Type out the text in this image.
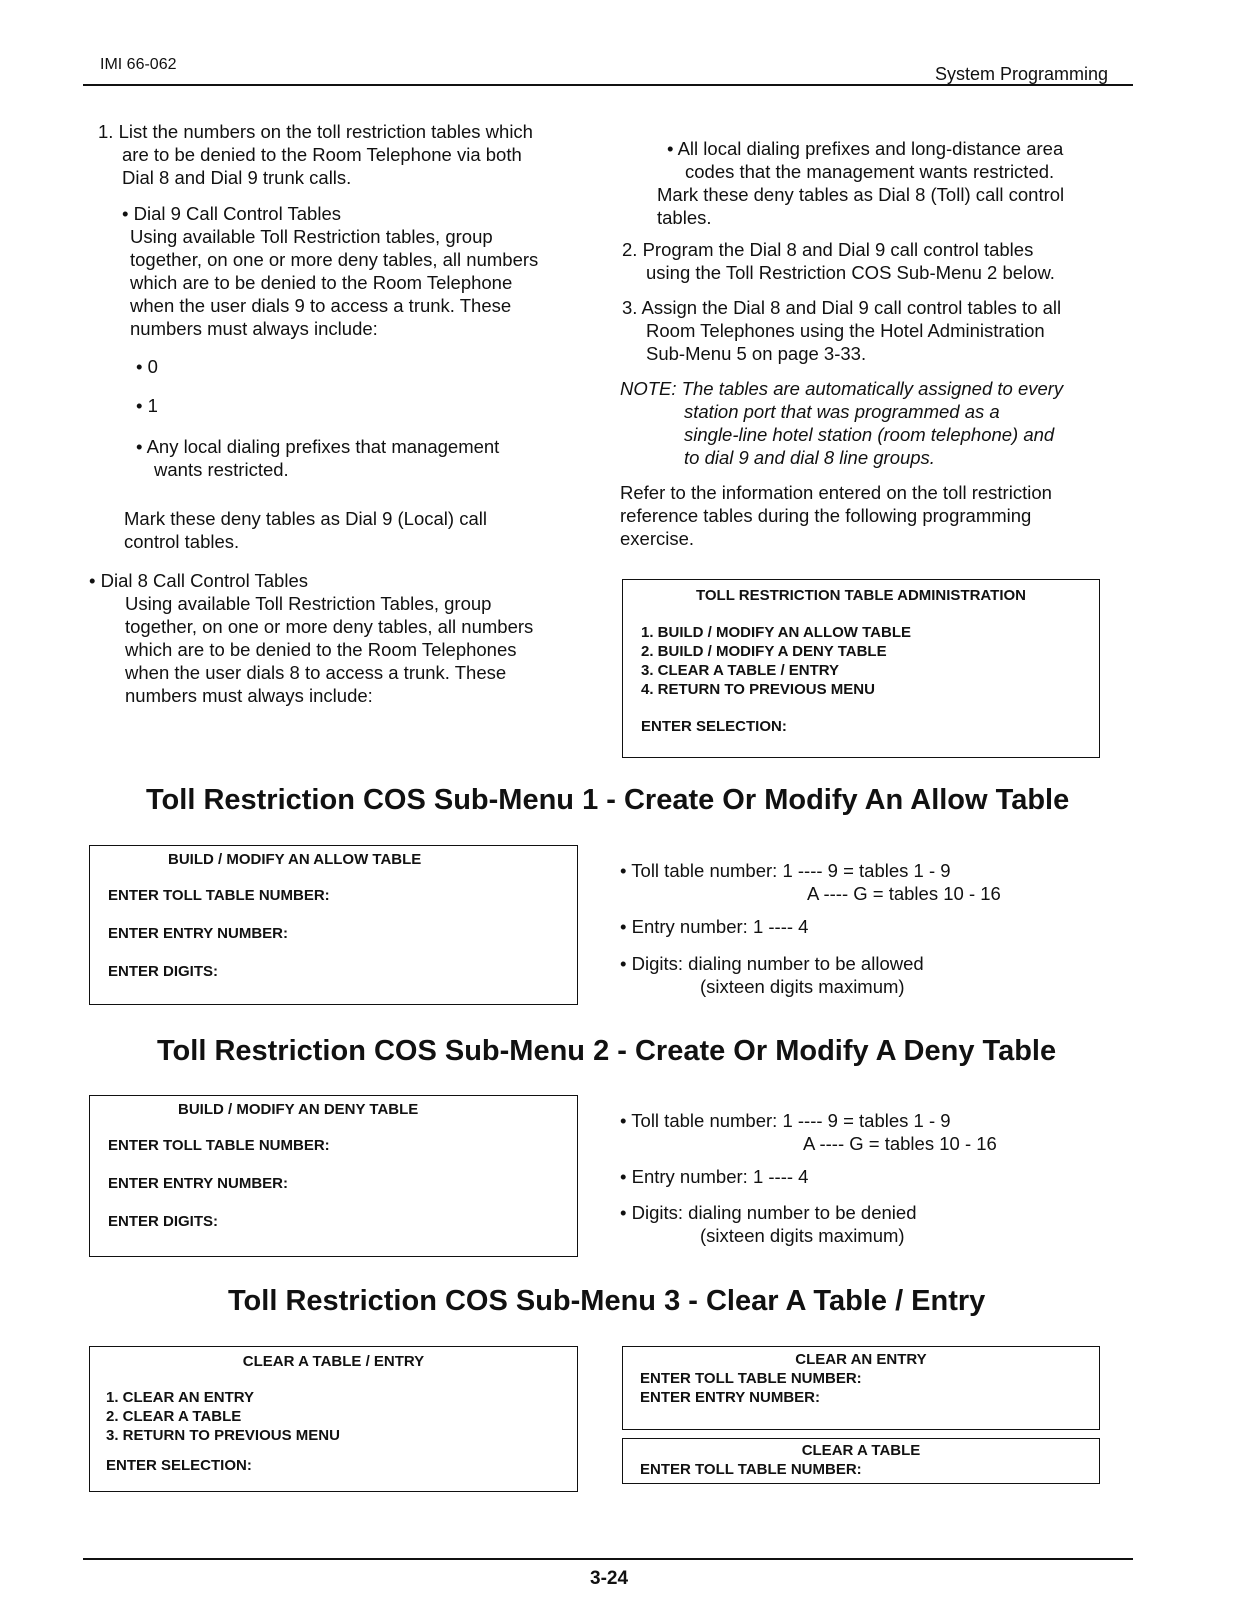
IMI 66-062	System Programming
1. List the numbers on the toll restriction tables which
are to be denied to the Room Telephone via both
Dial 8 and Dial 9 trunk calls.
• Dial 9 Call Control Tables
Using available Toll Restriction tables, group
together, on one or more deny tables, all numbers
which are to be denied to the Room Telephone
when the user dials 9 to access a trunk. These
numbers must always include:
• 0
• 1
• Any local dialing prefixes that management
wants restricted.
Mark these deny tables as Dial 9 (Local) call
control tables.
• Dial 8 Call Control Tables
Using available Toll Restriction Tables, group
together, on one or more deny tables, all numbers
which are to be denied to the Room Telephones
when the user dials 8 to access a trunk. These
numbers must always include:
• All local dialing prefixes and long-distance area
codes that the management wants restricted.
Mark these deny tables as Dial 8 (Toll) call control
tables.
2. Program the Dial 8 and Dial 9 call control tables
using the Toll Restriction COS Sub-Menu 2 below.
3. Assign the Dial 8 and Dial 9 call control tables to all
Room Telephones using the Hotel Administration
Sub-Menu 5 on page 3-33.
NOTE: The tables are automatically assigned to every
station port that was programmed as a
single-line hotel station (room telephone) and
to dial 9 and dial 8 line groups.
Refer to the information entered on the toll restriction
reference tables during the following programming
exercise.
TOLL RESTRICTION TABLE ADMINISTRATION
1. BUILD / MODIFY AN ALLOW TABLE
2. BUILD / MODIFY A DENY TABLE
3. CLEAR A TABLE / ENTRY
4. RETURN TO PREVIOUS MENU
ENTER SELECTION:
Toll Restriction COS Sub-Menu 1 - Create Or Modify An Allow Table
BUILD / MODIFY AN ALLOW TABLE
ENTER TOLL TABLE NUMBER:
ENTER ENTRY NUMBER:
ENTER DIGITS:
• Toll table number: 1 ---- 9 = tables 1 - 9
A ---- G = tables 10 - 16
• Entry number: 1 ---- 4
• Digits: dialing number to be allowed
(sixteen digits maximum)
Toll Restriction COS Sub-Menu 2 - Create Or Modify A Deny Table
BUILD / MODIFY AN DENY TABLE
ENTER TOLL TABLE NUMBER:
ENTER ENTRY NUMBER:
ENTER DIGITS:
• Toll table number: 1 ---- 9 = tables 1 - 9
A ---- G = tables 10 - 16
• Entry number: 1 ---- 4
• Digits: dialing number to be denied
(sixteen digits maximum)
Toll Restriction COS Sub-Menu 3 - Clear A Table / Entry
CLEAR A TABLE / ENTRY
1. CLEAR AN ENTRY
2. CLEAR A TABLE
3. RETURN TO PREVIOUS MENU
ENTER SELECTION:
CLEAR AN ENTRY
ENTER TOLL TABLE NUMBER:
ENTER ENTRY NUMBER:
CLEAR A TABLE
ENTER TOLL TABLE NUMBER:
3-24
